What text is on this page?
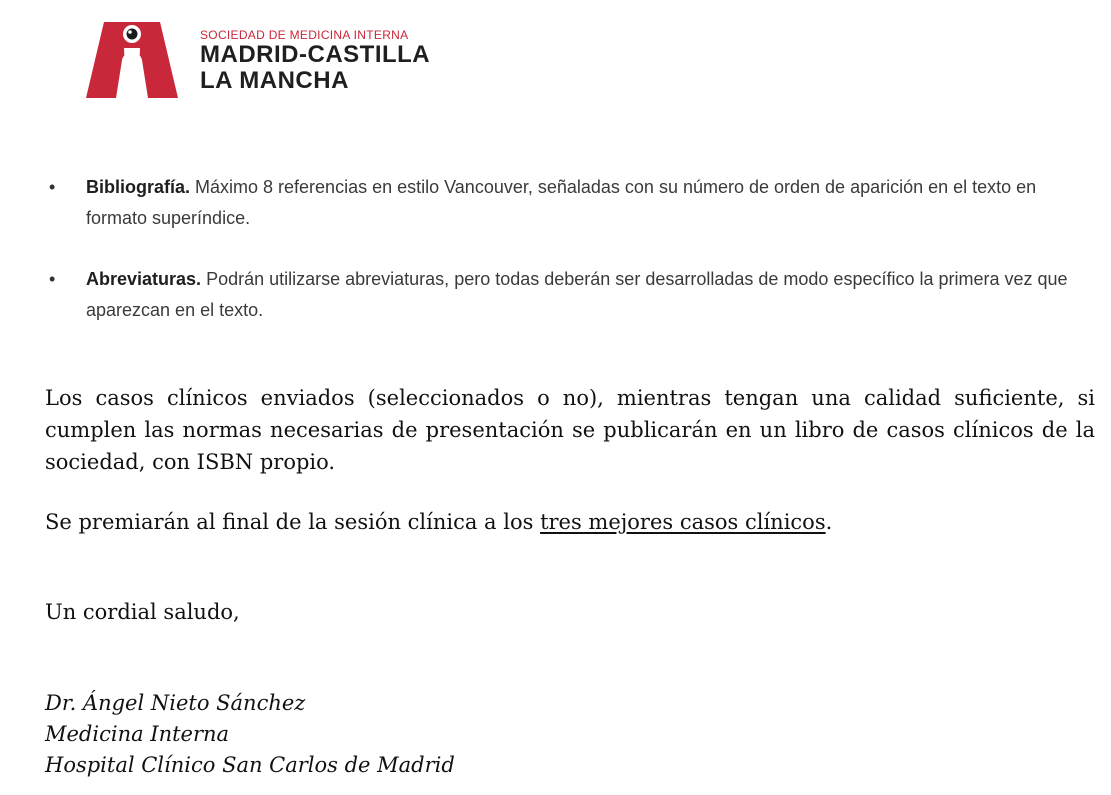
SOCIEDAD DE MEDICINA INTERNA
MADRID-CASTILLA
LA MANCHA
• Bibliografía. Máximo 8 referencias en estilo Vancouver, señaladas con su número de orden de aparición en el texto en formato superíndice.
• Abreviaturas. Podrán utilizarse abreviaturas, pero todas deberán ser desarrolladas de modo específico la primera vez que aparezcan en el texto.

Los casos clínicos enviados (seleccionados o no), mientras tengan una calidad suficiente, si cumplen las normas necesarias de presentación se publicarán en un libro de casos clínicos de la sociedad, con ISBN propio.

Se premiarán al final de la sesión clínica a los tres mejores casos clínicos.

Un cordial saludo,

Dr. Ángel Nieto Sánchez
Medicina Interna
Hospital Clínico San Carlos de Madrid
